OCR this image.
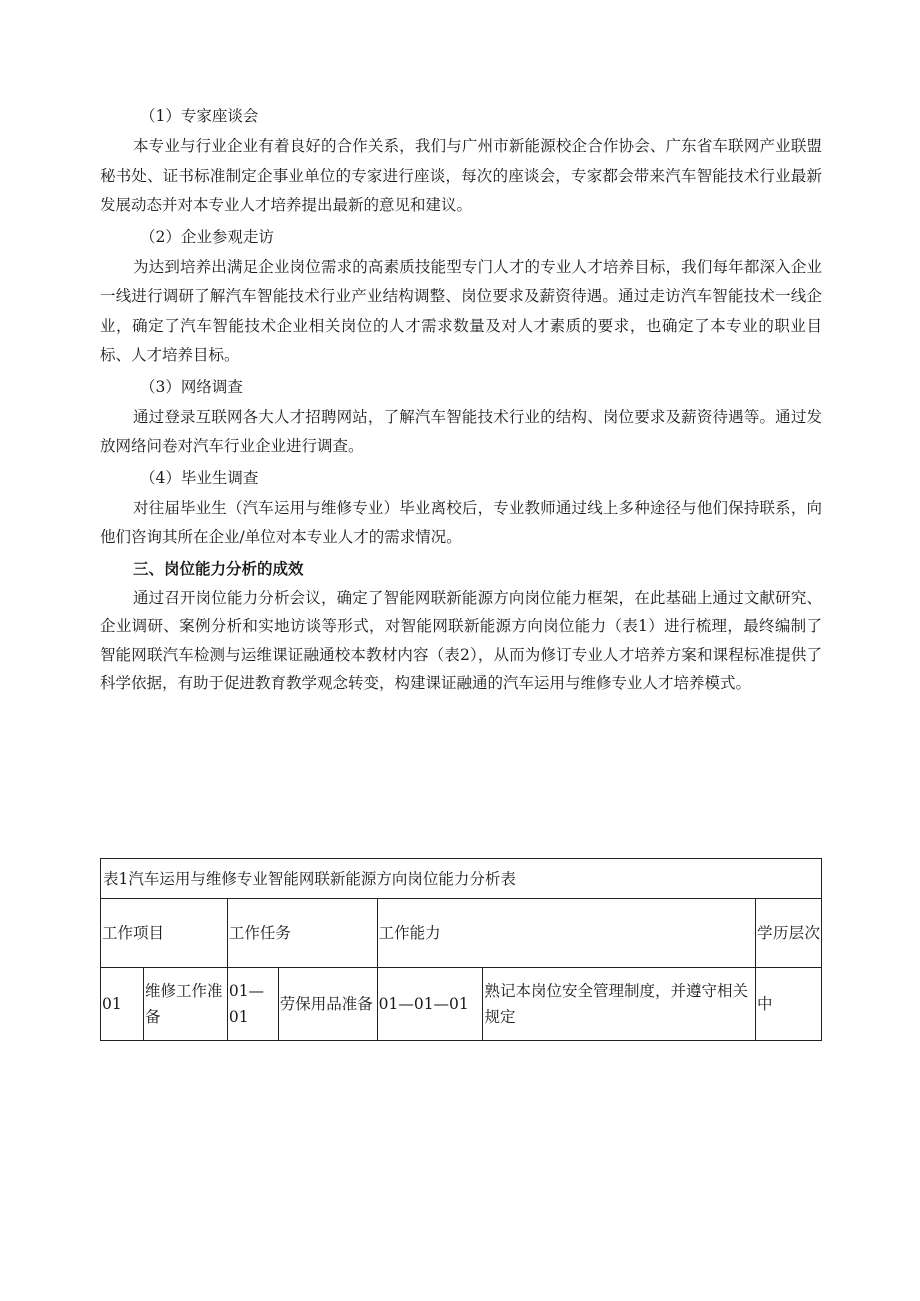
（1）专家座谈会

本专业与行业企业有着良好的合作关系，我们与广州市新能源校企合作协会、广东省车联网产业联盟秘书处、证书标准制定企事业单位的专家进行座谈，每次的座谈会，专家都会带来汽车智能技术行业最新发展动态并对本专业人才培养提出最新的意见和建议。

（2）企业参观走访

为达到培养出满足企业岗位需求的高素质技能型专门人才的专业人才培养目标，我们每年都深入企业一线进行调研了解汽车智能技术行业产业结构调整、岗位要求及薪资待遇。通过走访汽车智能技术一线企业，确定了汽车智能技术企业相关岗位的人才需求数量及对人才素质的要求，也确定了本专业的职业目标、人才培养目标。

（3）网络调查

通过登录互联网各大人才招聘网站，了解汽车智能技术行业的结构、岗位要求及薪资待遇等。通过发放网络问卷对汽车行业企业进行调查。

（4）毕业生调查

对往届毕业生（汽车运用与维修专业）毕业离校后，专业教师通过线上多种途径与他们保持联系，向他们咨询其所在企业/单位对本专业人才的需求情况。

三、岗位能力分析的成效

通过召开岗位能力分析会议，确定了智能网联新能源方向岗位能力框架，在此基础上通过文献研究、企业调研、案例分析和实地访谈等形式，对智能网联新能源方向岗位能力（表1）进行梳理，最终编制了智能网联汽车检测与运维课证融通校本教材内容（表2），从而为修订专业人才培养方案和课程标准提供了科学依据，有助于促进教育教学观念转变，构建课证融通的汽车运用与维修专业人才培养模式。

表1汽车运用与维修专业智能网联新能源方向岗位能力分析表						
工作项目		工作任务		工作能力		学历层次
01	维修工作准备	01—01	劳保用品准备	01—01—01	熟记本岗位安全管理制度，并遵守相关规定	中
